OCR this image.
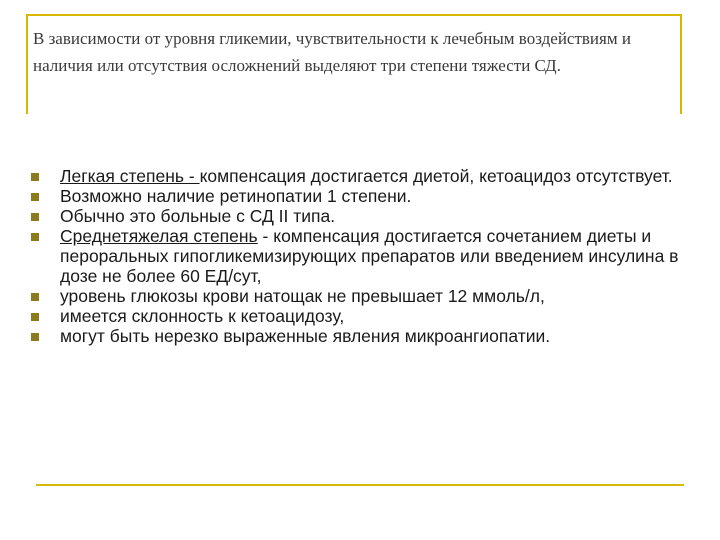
В зависимости от уровня гликемии, чувствительности к лечебным воздействиям и наличия или отсутствия осложнений выделяют три степени тяжести СД.
Легкая степень - компенсация достигается диетой, кетоацидоз отсутствует.
Возможно наличие ретинопатии 1 степени.
Обычно это больные с СД II типа.
Среднетяжелая степень - компенсация достигается сочетанием диеты и пероральных гипогликемизирующих препаратов или введением инсулина в дозе не более 60 ЕД/сут,
уровень глюкозы крови натощак не превышает 12 ммоль/л,
имеется склонность к кетоацидозу,
могут быть нерезко выраженные явления микроангиопатии.
